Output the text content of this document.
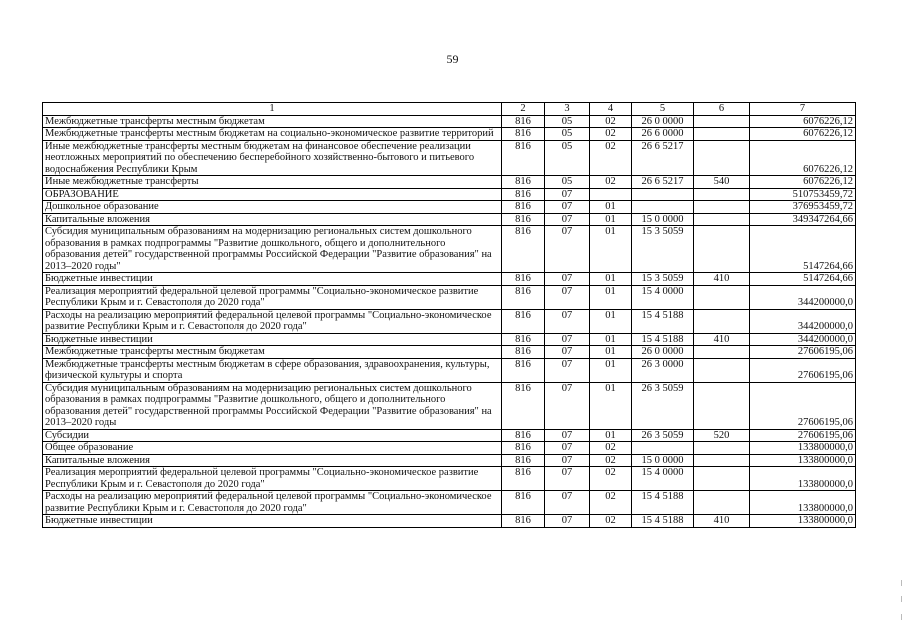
59
1	2	3	4	5	6	7
Межбюджетные трансферты местным бюджетам	816	05	02	26 0 0000		6076226,12
Межбюджетные трансферты местным бюджетам на социально-экономическое развитие территорий	816	05	02	26 6 0000		6076226,12
Иные межбюджетные трансферты местным бюджетам на финансовое обеспечение реализации неотложных мероприятий по обеспечению бесперебойного хозяйственно-бытового и питьевого водоснабжения Республики Крым	816	05	02	26 6 5217		6076226,12
Иные межбюджетные трансферты	816	05	02	26 6 5217	540	6076226,12
ОБРАЗОВАНИЕ	816	07				510753459,72
Дошкольное образование	816	07	01			376953459,72
Капитальные вложения	816	07	01	15 0 0000		349347264,66
Субсидия муниципальным образованиям на модернизацию региональных систем дошкольного образования в рамках подпрограммы "Развитие дошкольного, общего и дополнительного образования детей" государственной программы Российской Федерации "Развитие образования" на 2013–2020 годы"	816	07	01	15 3 5059		5147264,66
Бюджетные инвестиции	816	07	01	15 3 5059	410	5147264,66
Реализация мероприятий федеральной целевой программы "Социально-экономическое развитие Республики Крым и г. Севастополя до 2020 года"	816	07	01	15 4 0000		344200000,0
Расходы на реализацию мероприятий федеральной целевой программы "Социально-экономическое развитие Республики Крым и г. Севастополя до 2020 года"	816	07	01	15 4 5188		344200000,0
Бюджетные инвестиции	816	07	01	15 4 5188	410	344200000,0
Межбюджетные трансферты местным бюджетам	816	07	01	26 0 0000		27606195,06
Межбюджетные трансферты местным бюджетам в сфере образования, здравоохранения, культуры, физической культуры и спорта	816	07	01	26 3 0000		27606195,06
Субсидия муниципальным образованиям на модернизацию региональных систем дошкольного образования в рамках подпрограммы "Развитие дошкольного, общего и дополнительного образования детей" государственной программы Российской Федерации "Развитие образования" на 2013–2020 годы	816	07	01	26 3 5059		27606195,06
Субсидии	816	07	01	26 3 5059	520	27606195,06
Общее образование	816	07	02			133800000,0
Капитальные вложения	816	07	02	15 0 0000		133800000,0
Реализация мероприятий федеральной целевой программы "Социально-экономическое развитие Республики Крым и г. Севастополя до 2020 года"	816	07	02	15 4 0000		133800000,0
Расходы на реализацию мероприятий федеральной целевой программы "Социально-экономическое развитие Республики Крым и г. Севастополя до 2020 года"	816	07	02	15 4 5188		133800000,0
Бюджетные инвестиции	816	07	02	15 4 5188	410	133800000,0
